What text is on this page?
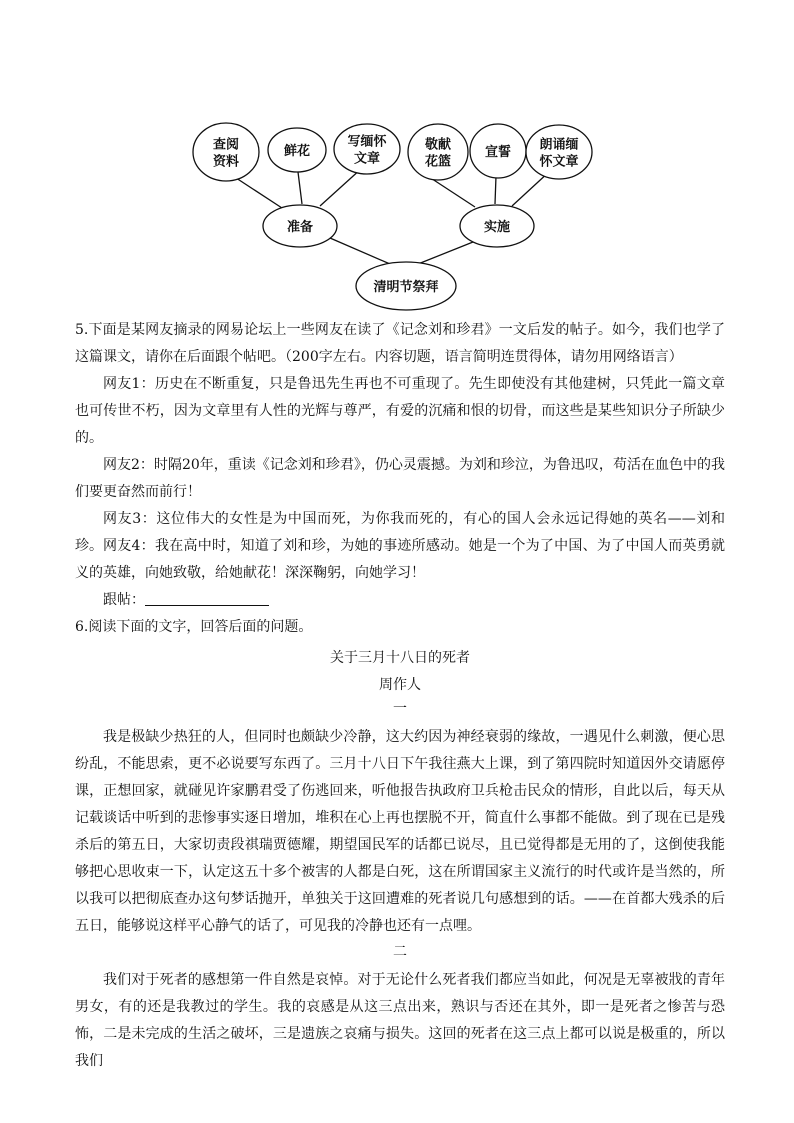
准备
查阅资料
鲜花
写缅怀文章
实施
敬献花篮
宣誓 朗诵缅怀文章
清明节祭拜
5.下面是某网友摘录的网易论坛上一些网友在读了《记念刘和珍君》一文后发的帖子。如今，我们也学了这篇课文，请你在后面跟个帖吧。（200字左右。内容切题，语言简明连贯得体，请勿用网络语言）
网友1：历史在不断重复，只是鲁迅先生再也不可重现了。先生即使没有其他建树，只凭此一篇文章也可传世不朽，因为文章里有人性的光辉与尊严，有爱的沉痛和恨的切骨，而这些是某些知识分子所缺少的。
网友2：时隔20年，重读《记念刘和珍君》，仍心灵震撼。为刘和珍泣，为鲁迅叹，苟活在血色中的我们要更奋然而前行！
网友3：这位伟大的女性是为中国而死，为你我而死的，有心的国人会永远记得她的英名——刘和珍。 网友4：我在高中时，知道了刘和珍，为她的事迹所感动。她是一个为了中国、为了中国人而英勇就义的英雄，向她致敬，给她献花！深深鞠躬，向她学习！
跟帖：
6.阅读下面的文字，回答后面的问题。
关于三月十八日的死者
周作人
一
我是极缺少热狂的人，但同时也颇缺少冷静，这大约因为神经衰弱的缘故，一遇见什么刺激，便心思纷乱，不能思索，更不必说要写东西了。三月十八日下午我往燕大上课，到了第四院时知道因外交请愿停课，正想回家，就碰见许家鹏君受了伤逃回来，听他报告执政府卫兵枪击民众的情形，自此以后，每天从记载谈话中听到的悲惨事实逐日增加，堆积在心上再也摆脱不开，简直什么事都不能做。到了现在已是残杀后的第五日，大家切责段祺瑞贾德耀，期望国民军的话都已说尽，且已觉得都是无用的了，这倒使我能够把心思收束一下，认定这五十多个被害的人都是白死，这在所谓国家主义流行的时代或许是当然的，所以我可以把彻底查办这句梦话抛开，单独关于这回遭难的死者说几句感想到的话。——在首都大残杀的后五日，能够说这样平心静气的话了，可见我的冷静也还有一点哩。
二
我们对于死者的感想第一件自然是哀悼。对于无论什么死者我们都应当如此，何况是无辜被戕的青年男女，有的还是我教过的学生。我的哀感是从这三点出来，熟识与否还在其外，即一是死者之惨苦与恐怖，二是未完成的生活之破坏，三是遗族之哀痛与损失。这回的死者在这三点上都可以说是极重的，所以我们
